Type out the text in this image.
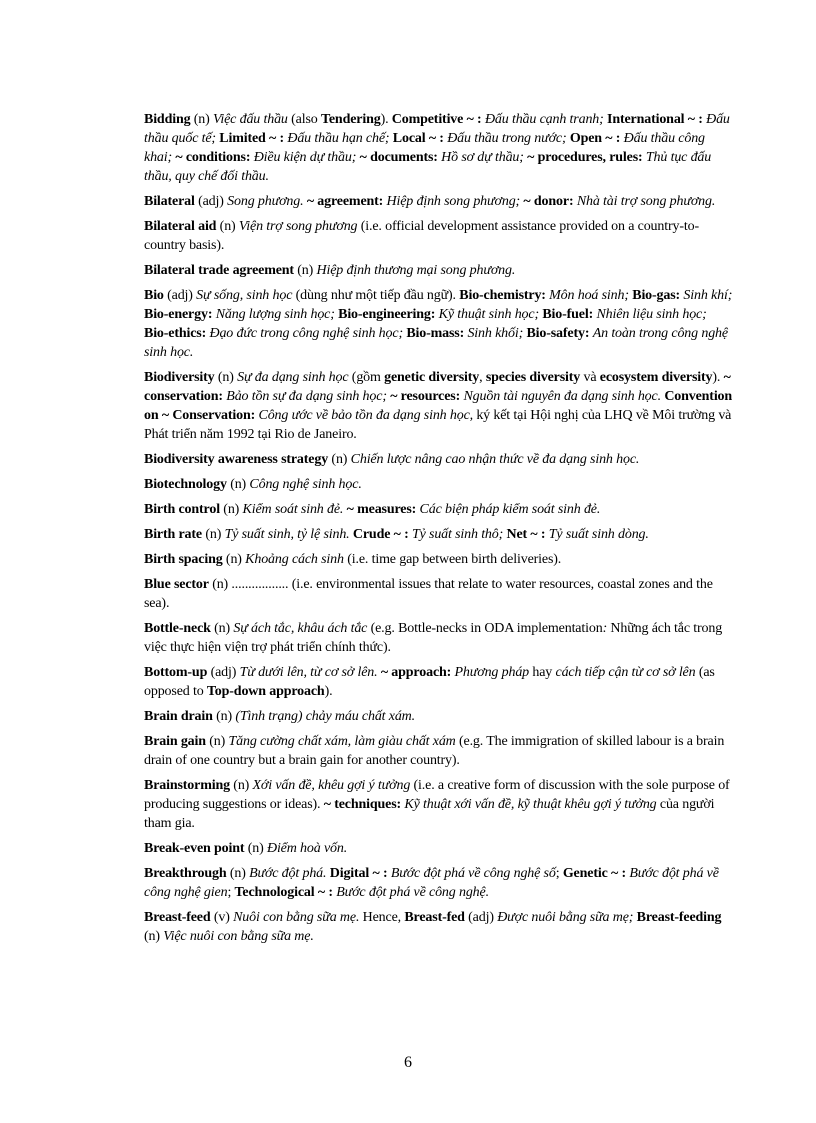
Bidding (n) Việc đấu thầu (also Tendering). Competitive ~ : Đấu thầu cạnh tranh; International ~ : Đấu thầu quốc tế; Limited ~ : Đấu thầu hạn chế; Local ~ : Đấu thầu trong nước; Open ~ : Đấu thầu công khai; ~ conditions: Điều kiện dự thầu; ~ documents: Hồ sơ dự thầu; ~ procedures, rules: Thủ tục đấu thầu, quy chế đối thầu.

Bilateral (adj) Song phương. ~ agreement: Hiệp định song phương; ~ donor: Nhà tài trợ song phương.

Bilateral aid (n) Viện trợ song phương (i.e. official development assistance provided on a country-to-country basis).

Bilateral trade agreement (n) Hiệp định thương mại song phương.

Bio (adj) Sự sống, sinh học (dùng như một tiếp đầu ngữ). Bio-chemistry: Môn hoá sinh; Bio-gas: Sinh khí; Bio-energy: Năng lượng sinh học; Bio-engineering: Kỹ thuật sinh học; Bio-fuel: Nhiên liệu sinh học; Bio-ethics: Đạo đức trong công nghệ sinh học; Bio-mass: Sinh khối; Bio-safety: An toàn trong công nghệ sinh học.

Biodiversity (n) Sự đa dạng sinh học (gồm genetic diversity, species diversity và ecosystem diversity). ~ conservation: Bảo tồn sự đa dạng sinh học; ~ resources: Nguồn tài nguyên đa dạng sinh học. Convention on ~ Conservation: Công ước về bảo tồn đa dạng sinh học, ký kết tại Hội nghị của LHQ về Môi trường và Phát triển năm 1992 tại Rio de Janeiro.

Biodiversity awareness strategy (n) Chiến lược nâng cao nhận thức về đa dạng sinh học.

Biotechnology (n) Công nghệ sinh học.

Birth control (n) Kiểm soát sinh đẻ. ~ measures: Các biện pháp kiểm soát sinh đẻ.

Birth rate (n) Tỷ suất sinh, tỷ lệ sinh. Crude ~ : Tỷ suất sinh thô; Net ~ : Tỷ suất sinh dòng.

Birth spacing (n) Khoảng cách sinh (i.e. time gap between birth deliveries).

Blue sector (n) ................. (i.e. environmental issues that relate to water resources, coastal zones and the sea).

Bottle-neck (n) Sự ách tắc, khâu ách tắc (e.g. Bottle-necks in ODA implementation: Những ách tắc trong việc thực hiện viện trợ phát triển chính thức).

Bottom-up (adj) Từ dưới lên, từ cơ sở lên. ~ approach: Phương pháp hay cách tiếp cận từ cơ sở lên (as opposed to Top-down approach).

Brain drain (n) (Tình trạng) chảy máu chất xám.

Brain gain (n) Tăng cường chất xám, làm giàu chất xám (e.g. The immigration of skilled labour is a brain drain of one country but a brain gain for another country).

Brainstorming (n) Xới vấn đề, khêu gợi ý tưởng (i.e. a creative form of discussion with the sole purpose of producing suggestions or ideas). ~ techniques: Kỹ thuật xới vấn đề, kỹ thuật khêu gợi ý tưởng của người tham gia.

Break-even point (n) Điểm hoà vốn.

Breakthrough (n) Bước đột phá. Digital ~ : Bước đột phá về công nghệ số; Genetic ~ : Bước đột phá về công nghệ gien; Technological ~ : Bước đột phá về công nghệ.

Breast-feed (v) Nuôi con bằng sữa mẹ. Hence, Breast-fed (adj) Được nuôi bằng sữa mẹ; Breast-feeding (n) Việc nuôi con bằng sữa mẹ.

6
